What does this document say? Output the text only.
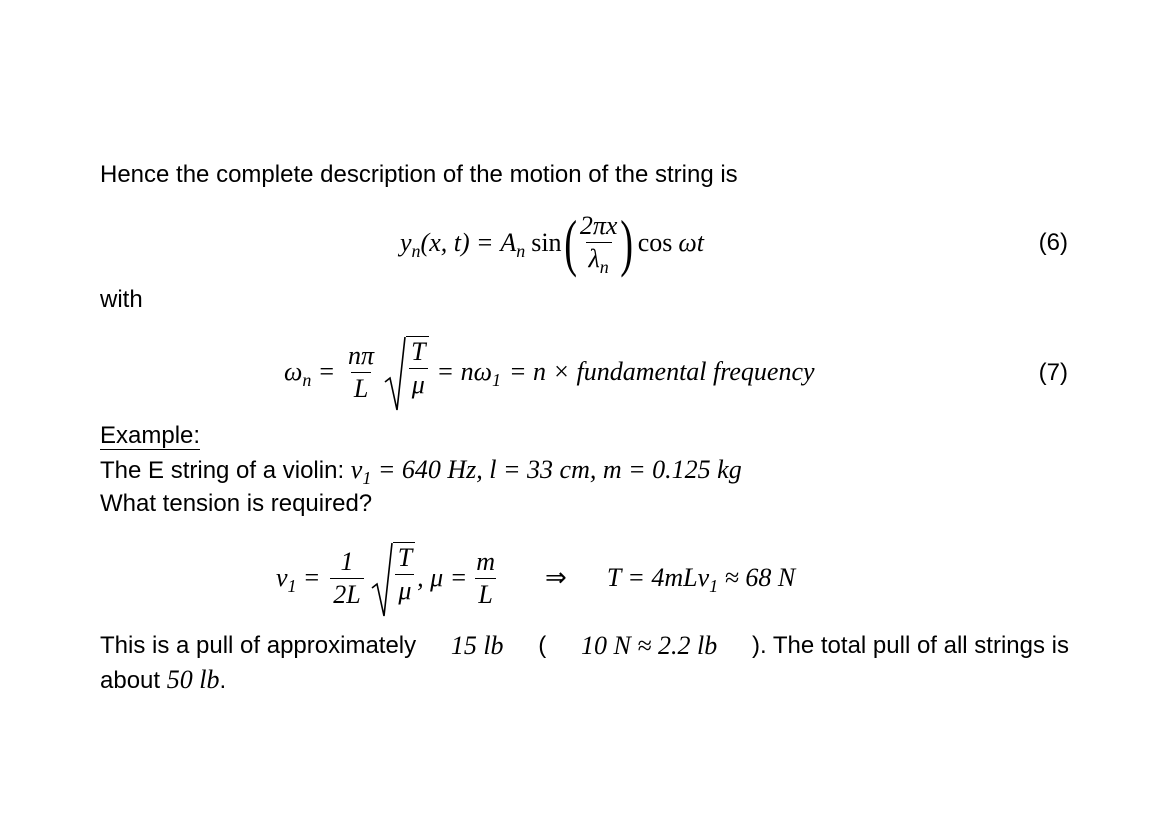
Hence the complete description of the motion of the string is
$y_n(x$, $t) = A_n$ sin ( $\frac{2\pi x}{\lambda_n}$ ) cos ωt	(6)
with
$\omega_n = \frac{n\pi}{L} \frac{T}{\mu} = n\omega_1 = n$ × fundamental frequency	(7)
Example:
The E string of a violin: $\nu_1 = 640$ Hz, l = 33 cm, m = 0.125 kg
What tension is required?
$\nu_1 = \frac{1}{2L} \frac{T}{\mu}$ , $\mu = \frac{m}{L}$ ⇒ T = 4mLν$_1$ ≈ 68 N
This is a pull of approximately 15 lb ( 10 N ≈ 2.2 lb ). The total pull of all strings is
about 50 lb.
